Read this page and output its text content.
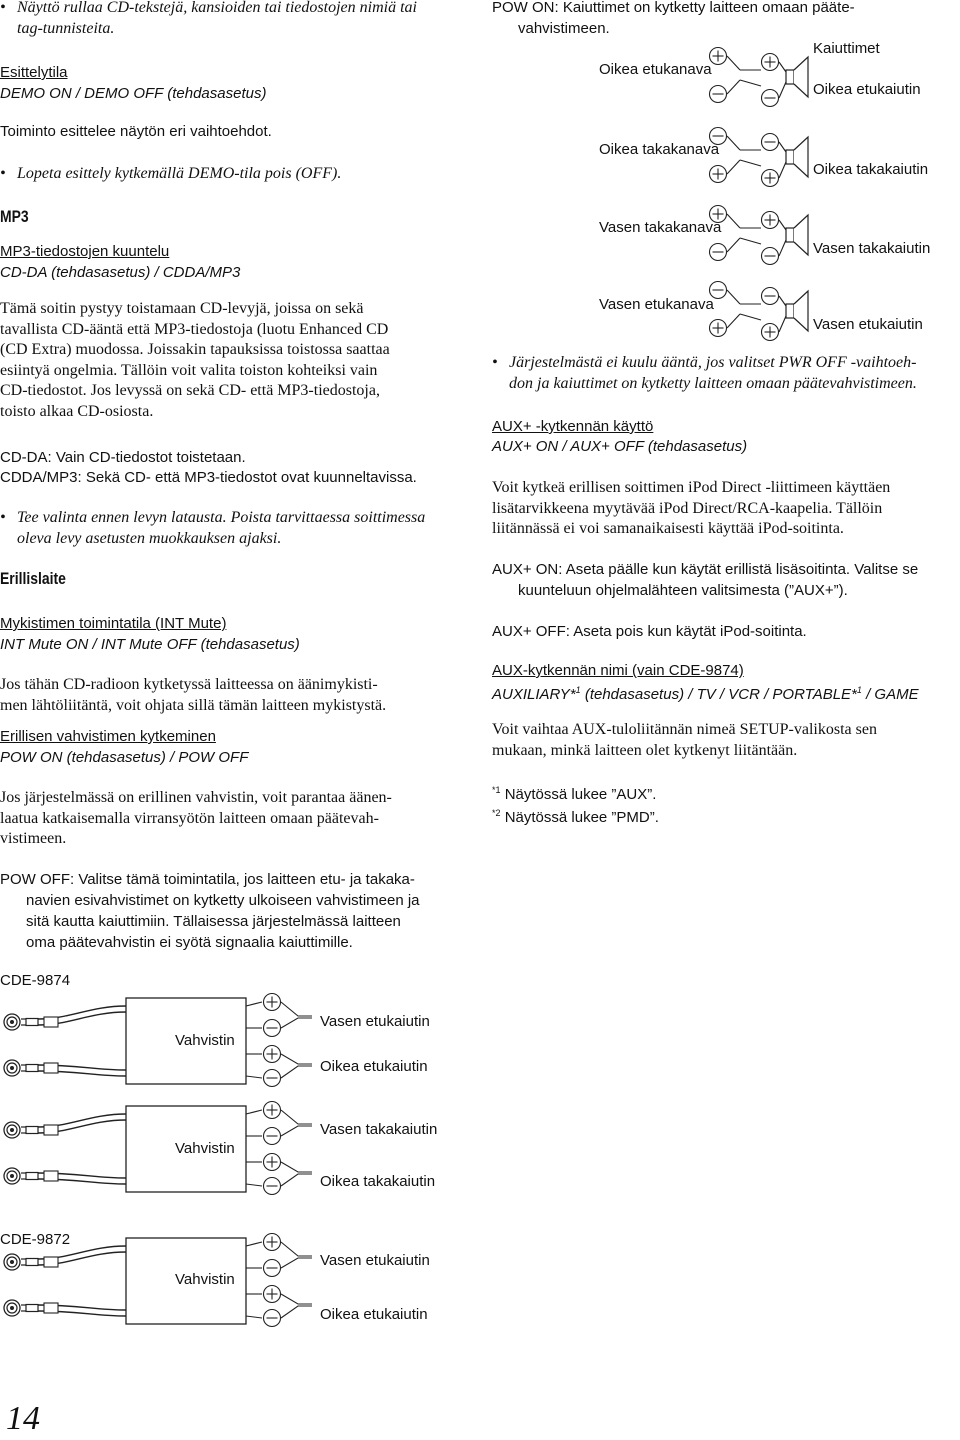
• Näyttö rullaa CD-tekstejä, kansioiden tai tiedostojen nimiä tai
tag-tunnisteita.
Esittelytila
DEMO ON / DEMO OFF (tehdasasetus)
Toiminto esittelee näytön eri vaihtoehdot.
• Lopeta esittely kytkemällä DEMO-tila pois (OFF).
MP3
MP3-tiedostojen kuuntelu
CD-DA (tehdasasetus) / CDDA/MP3
Tämä soitin pystyy toistamaan CD-levyjä, joissa on sekä
tavallista CD-ääntä että MP3-tiedostoja (luotu Enhanced CD
(CD Extra) muodossa. Joissakin tapauksissa toistossa saattaa
esiintyä ongelmia. Tällöin voit valita toiston kohteiksi vain
CD-tiedostot. Jos levyssä on sekä CD- että MP3-tiedostoja,
toisto alkaa CD-osiosta.
CD-DA: Vain CD-tiedostot toistetaan.
CDDA/MP3: Sekä CD- että MP3-tiedostot ovat kuunneltavissa.
• Tee valinta ennen levyn latausta. Poista tarvittaessa soittimessa
oleva levy asetusten muokkauksen ajaksi.
Erillislaite
Mykistimen toimintatila (INT Mute)
INT Mute ON / INT Mute OFF (tehdasasetus)
Jos tähän CD-radioon kytketyssä laitteessa on äänimykisti-
men lähtöliitäntä, voit ohjata sillä tämän laitteen mykistystä.
Erillisen vahvistimen kytkeminen
POW ON (tehdasasetus) / POW OFF
Jos järjestelmässä on erillinen vahvistin, voit parantaa äänen-
laatua katkaisemalla virransyötön laitteen omaan päätevah-
vistimeen.
POW OFF: Valitse tämä toimintatila, jos laitteen etu- ja takaka-
navien esivahvistimet on kytketty ulkoiseen vahvistimeen ja
sitä kautta kaiuttimiin. Tällaisessa järjestelmässä laitteen
oma päätevahvistin ei syötä signaalia kaiuttimille.
CDE-9874
CDE-9872
Vahvistin
Vasen etukaiutin
Oikea etukaiutin
Vahvistin
Vasen takakaiutin
Oikea takakaiutin
Vahvistin
Vasen etukaiutin
Oikea etukaiutin
POW ON: Kaiuttimet on kytketty laitteen omaan pääte-
vahvistimeen.
Kaiuttimet
Oikea etukanava
Oikea etukaiutin
Oikea takakanava
Oikea takakaiutin
Vasen takakanava
Vasen takakaiutin
Vasen etukanava
Vasen etukaiutin
• Järjestelmästä ei kuulu ääntä, jos valitset PWR OFF -vaihtoeh-
don ja kaiuttimet on kytketty laitteen omaan päätevahvistimeen.
AUX+ -kytkennän käyttö
AUX+ ON / AUX+ OFF (tehdasasetus)
Voit kytkeä erillisen soittimen iPod Direct -liittimeen käyttäen
lisätarvikkeena myytävää iPod Direct/RCA-kaapelia. Tällöin
liitännässä ei voi samanaikaisesti käyttää iPod-soitinta.
AUX+ ON: Aseta päälle kun käytät erillistä lisäsoitinta. Valitse se
kuunteluun ohjelmalähteen valitsimesta (”AUX+”).
AUX+ OFF: Aseta pois kun käytät iPod-soitinta.
AUX-kytkennän nimi (vain CDE-9874)
AUXILIARY*$^1$ (tehdasasetus) / TV / VCR / PORTABLE*$^1$ / GAME
Voit vaihtaa AUX-tuloliitännän nimeä SETUP-valikosta sen
mukaan, minkä laitteen olet kytkenyt liitäntään.
$^{*1}$ Näytössä lukee ”AUX”.
$^{*2}$ Näytössä lukee ”PMD”.
14
